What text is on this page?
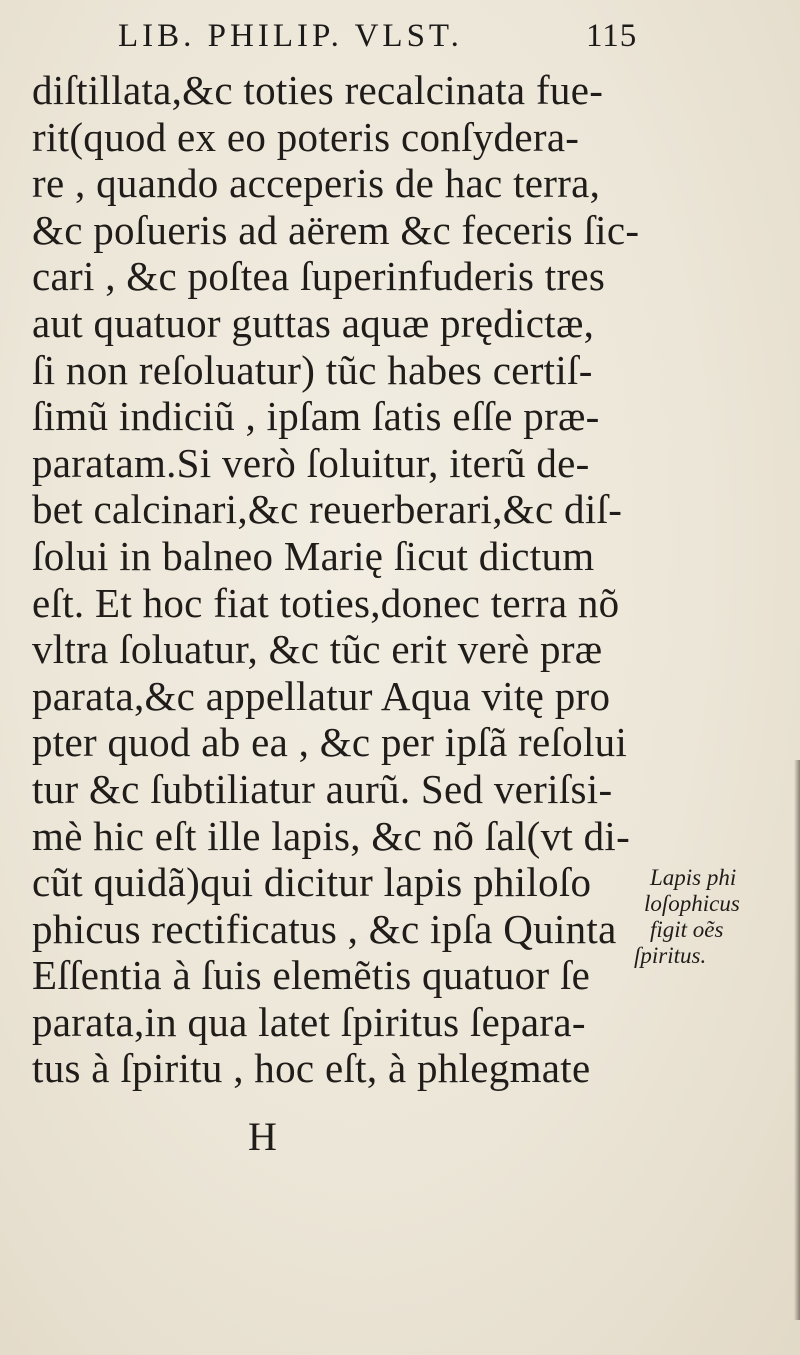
LIB. PHILIP. VLST.	115
diſtillata,&c toties recalcinata fue-
rit(quod ex eo poteris conſydera-
re , quando acceperis de hac terra,
&c poſueris ad aërem &c feceris ſic-
cari , &c poſtea ſuperinfuderis tres
aut quatuor guttas aquæ prędictæ,
ſi non reſoluatur) tũc habes certiſ-
ſimũ indiciũ , ipſam ſatis eſſe præ-
paratam.Si verò ſoluitur, iterũ de-
bet calcinari,&c reuerberari,&c diſ-
ſolui in balneo Marię ſicut dictum
eſt. Et hoc fiat toties,donec terra nõ
vltra ſoluatur, &c tũc erit verè præ
parata,&c appellatur Aqua vitę pro
pter quod ab ea , &c per ipſã reſolui
tur &c ſubtiliatur aurũ. Sed veriſsi-
mè hic eſt ille lapis, &c nõ ſal(vt di-
cũt quidã)qui dicitur lapis philoſo
phicus rectificatus , &c ipſa Quinta
Eſſentia à ſuis elemẽtis quatuor ſe
parata,in qua latet ſpiritus ſepara-
tus à ſpiritu , hoc eſt, à phlegmate
H
Lapis phi
loſophicus
figit oẽs
ſpiritus.
